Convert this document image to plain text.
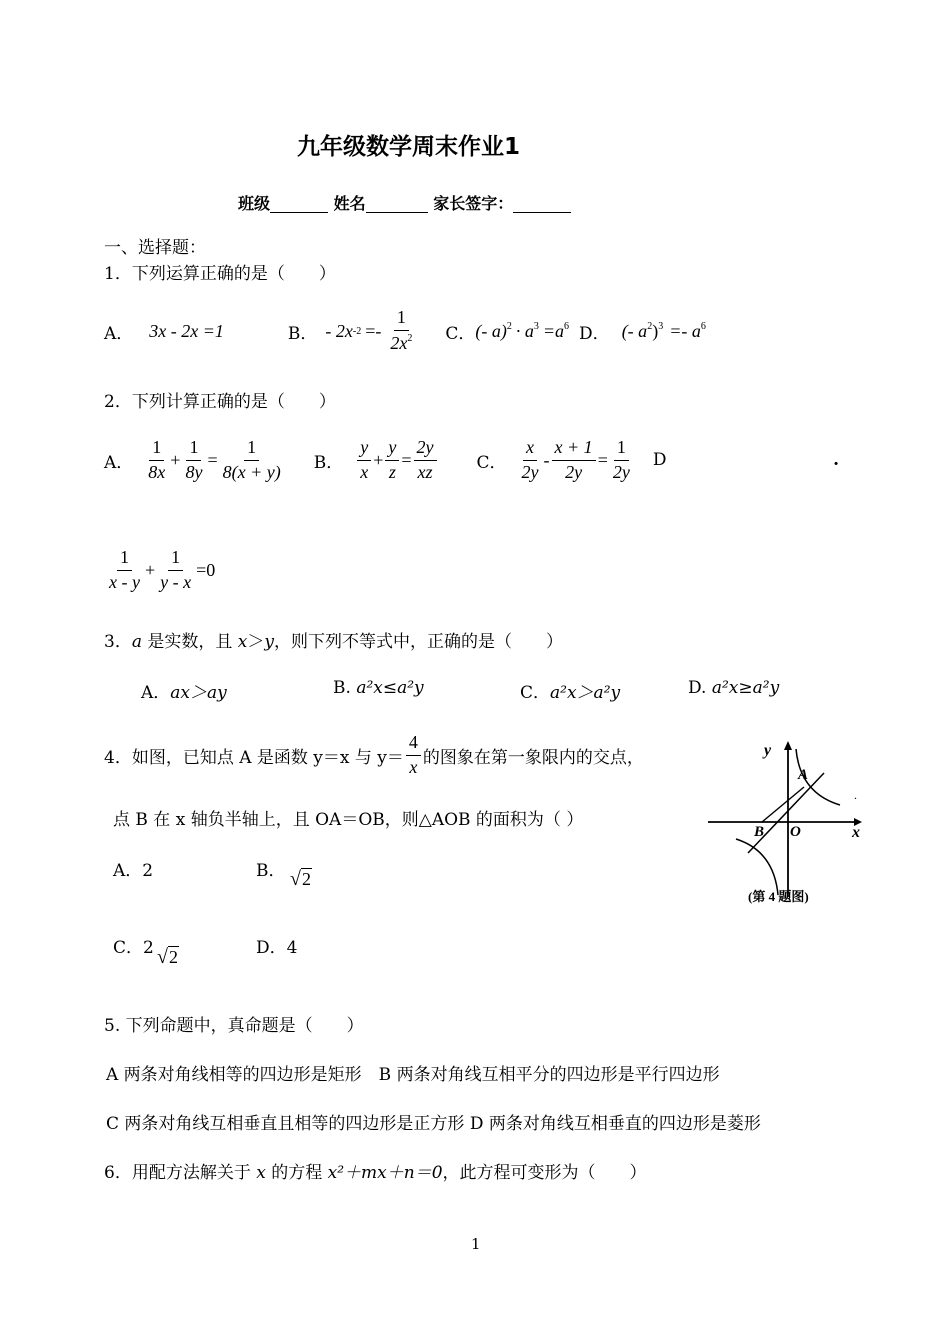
九年级数学周末作业1
班级	姓名	家长签字：
一、选择题：
1．下列运算正确的是（　　）
A． 3x - 2x =1	B． - 2x $-2 =- \frac{1}{2x^2}$ C． (- $a)^2 \cdot a^3 =a^6$ D． (- $a^2)^3 =- a^6$
2．下列计算正确的是（　　）
A． $\frac{1}{8x} + \frac{1}{8y} = \frac{1}{8(x + y)}$ B． $\frac{y}{x} + \frac{y}{z} = \frac{2y}{xz}$ C． $\frac{x}{2y} - \frac{x + 1}{2y} = \frac{1}{2y}$ D	.
$\frac{1}{x - y} + \frac{1}{y - x} =0$
3．a 是实数，且 x＞y，则下列不等式中，正确的是（　　）
A．ax＞ay	B. a²x≤a²y	C．a²x＞a²y	D. a²x≥a²y
4．如图，已知点 A 是函数 y＝x 与 $y= \frac{4}{x}$ 的图象在第一象限内的交点，
点 B 在 x 轴负半轴上，且 OA＝OB，则△AOB 的面积为（ ）
A．2	B． √2
C．2 √2	D．4
y
x
A
B O
.
(第 4 题图)
5. 下列命题中，真命题是（　　）
A 两条对角线相等的四边形是矩形　B 两条对角线互相平分的四边形是平行四边形
C 两条对角线互相垂直且相等的四边形是正方形 D 两条对角线互相垂直的四边形是菱形
6．用配方法解关于 x 的方程 x²＋mx＋n＝0，此方程可变形为（　　）
1
